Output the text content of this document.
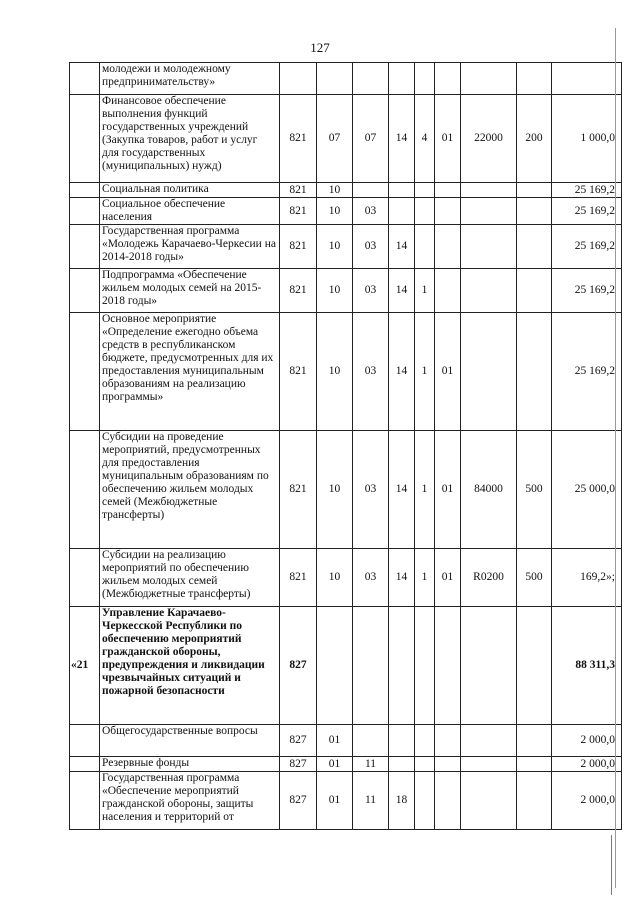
127
	молодежи и молодежному предпринимательству»									
	Финансовое обеспечение выполнения функций государственных учреждений (Закупка товаров, работ и услуг для государственных (муниципальных) нужд)	821	07	07	14	4	01	22000	200	1 000,0
	Социальная политика	821	10							25 169,2
	Социальное обеспечение населения	821	10	03						25 169,2
	Государственная программа «Молодежь Карачаево-Черкесии на 2014-2018 годы»	821	10	03	14					25 169,2
	Подпрограмма «Обеспечение жильем молодых семей на 2015-2018 годы»	821	10	03	14	1				25 169,2
	Основное мероприятие «Определение ежегодно объема средств в республиканском бюджете, предусмотренных для их предоставления муниципальным образованиям на реализацию программы»	821	10	03	14	1	01			25 169,2
	Субсидии на проведение мероприятий, предусмотренных для предоставления муниципальным образованиям по обеспечению жильем молодых семей (Межбюджетные трансферты)	821	10	03	14	1	01	84000	500	25 000,0
	Субсидии на реализацию мероприятий по обеспечению жильем молодых семей (Межбюджетные трансферты)	821	10	03	14	1	01	R0200	500	169,2»;
«21	Управление Карачаево-Черкесской Республики по обеспечению мероприятий гражданской обороны, предупреждения и ликвидации чрезвычайных ситуаций и пожарной безопасности	827								88 311,3
	Общегосударственные вопросы	827	01							2 000,0
	Резервные фонды	827	01	11						2 000,0
	Государственная программа «Обеспечение мероприятий гражданской обороны, защиты населения и территорий от	827	01	11	18					2 000,0
